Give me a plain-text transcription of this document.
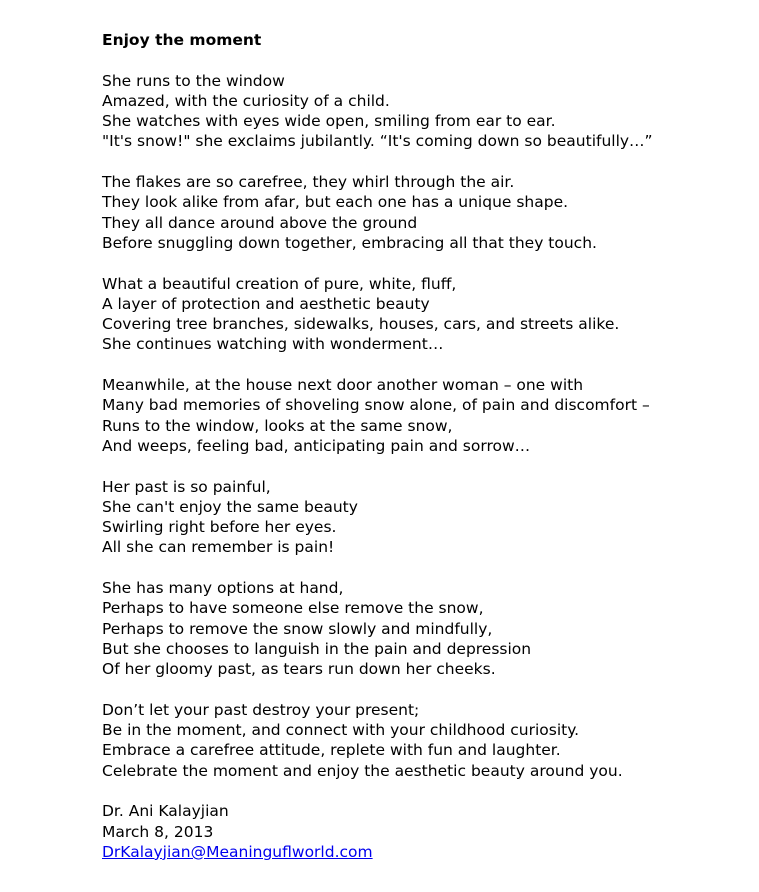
Enjoy the moment
She runs to the window
Amazed, with the curiosity of a child.
She watches with eyes wide open, smiling from ear to ear.
"It's snow!" she exclaims jubilantly. “It's coming down so beautifully…”
The flakes are so carefree, they whirl through the air.
They look alike from afar, but each one has a unique shape.
They all dance around above the ground
Before snuggling down together, embracing all that they touch.
What a beautiful creation of pure, white, fluff,
A layer of protection and aesthetic beauty
Covering tree branches, sidewalks, houses, cars, and streets alike.
She continues watching with wonderment…
Meanwhile, at the house next door another woman – one with
Many bad memories of shoveling snow alone, of pain and discomfort –
Runs to the window, looks at the same snow,
And weeps, feeling bad, anticipating pain and sorrow…
Her past is so painful,
She can't enjoy the same beauty
Swirling right before her eyes.
All she can remember is pain!
She has many options at hand,
Perhaps to have someone else remove the snow,
Perhaps to remove the snow slowly and mindfully,
But she chooses to languish in the pain and depression
Of her gloomy past, as tears run down her cheeks.
Don’t let your past destroy your present;
Be in the moment, and connect with your childhood curiosity.
Embrace a carefree attitude, replete with fun and laughter.
Celebrate the moment and enjoy the aesthetic beauty around you.
Dr. Ani Kalayjian
March 8, 2013
DrKalayjian@Meaninguflworld.com
